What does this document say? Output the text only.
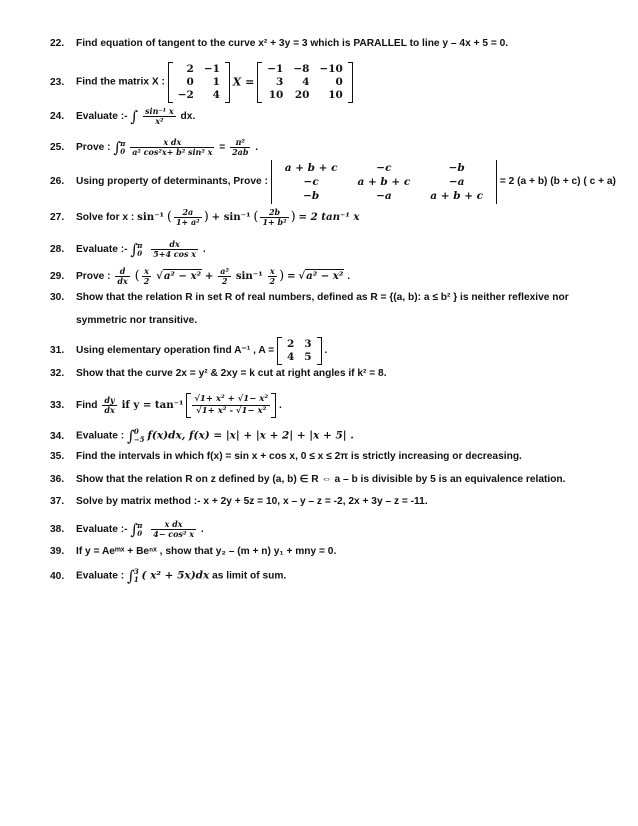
22. Find equation of tangent to the curve x² + 3y = 3 which is PARALLEL to line y – 4x + 5 = 0.
23. Find the matrix X :
2	−1
0	1
−2	4
X =
−1	−8	−10
3	4	0
10	20	10
24. Evaluate :- ∫ $\frac{\text{sin⁻¹ x}}{\text{x²}}$ dx.
25. Prove : ∫π
$0 \frac{\text{x dx}}{\text{a² cos²x+ b² sin² x}} = \frac{\text{π²}}{2ab}$ .
26. Using property of determinants, Prove :
a + b + c	−c	−b
−c	a + b + c	−a
−b	−a	a + b + c
= 2 (a + b) (b + c) ( c + a)
27. Solve for x : sin⁻¹ ( $\frac{2a}{\text{1+ a²}}$ ) + sin⁻¹ ( $\frac{2b}{\text{1+ b²}}$ ) = 2 tan⁻¹ x
28. Evaluate :- ∫π
$0 \frac{dx}{\text{5+4 cos x}}$ .
29. Prove : $\frac{d}{dx}$ ( $\frac{x}{2} √a^2 - x^2 + \frac{\text{a²}}{2} \sin^{-1} \frac{x}{2}$ ) = √a² − x² .
30. Show that the relation R in set R of real numbers, defined as R = {(a, b): a ≤ b² } is neither reflexive nor
symmetric nor transitive.
31. Using elementary operation find A⁻¹ , A =
2	3
4	5
.
32. Show that the curve 2x = y² & 2xy = k cut at right angles if k² = 8.
33. Find $\frac{dy}{dx}$ if $y = \tan^{-1} \frac{\text{√1+ x² + √1− x²}}{\text{√1+ x² - √1− x²}}$ .
34. Evaluate : ∫0
−5 f(x)dx, f(x) = |x| + |x + 2| + |x + 5| .
35. Find the intervals in which f(x) = sin x + cos x, 0 ≤ x ≤ 2π is strictly increasing or decreasing.
36. Show that the relation R on z defined by (a, b) ∈ R ⇔ a – b is divisible by 5 is an equivalence relation.
37. Solve by matrix method :- x + 2y + 5z = 10, x – y – z = -2, 2x + 3y – z = -11.
38. Evaluate :- ∫π
$0 \frac{\text{x dx}}{\text{4− cos² x}}$ .
39. If y = Aeᵐˣ + Beⁿˣ , show that y₂ – (m + n) y₁ + mny = 0.
40. Evaluate : ∫3
1 ( x² + 5x)dx as limit of sum.
